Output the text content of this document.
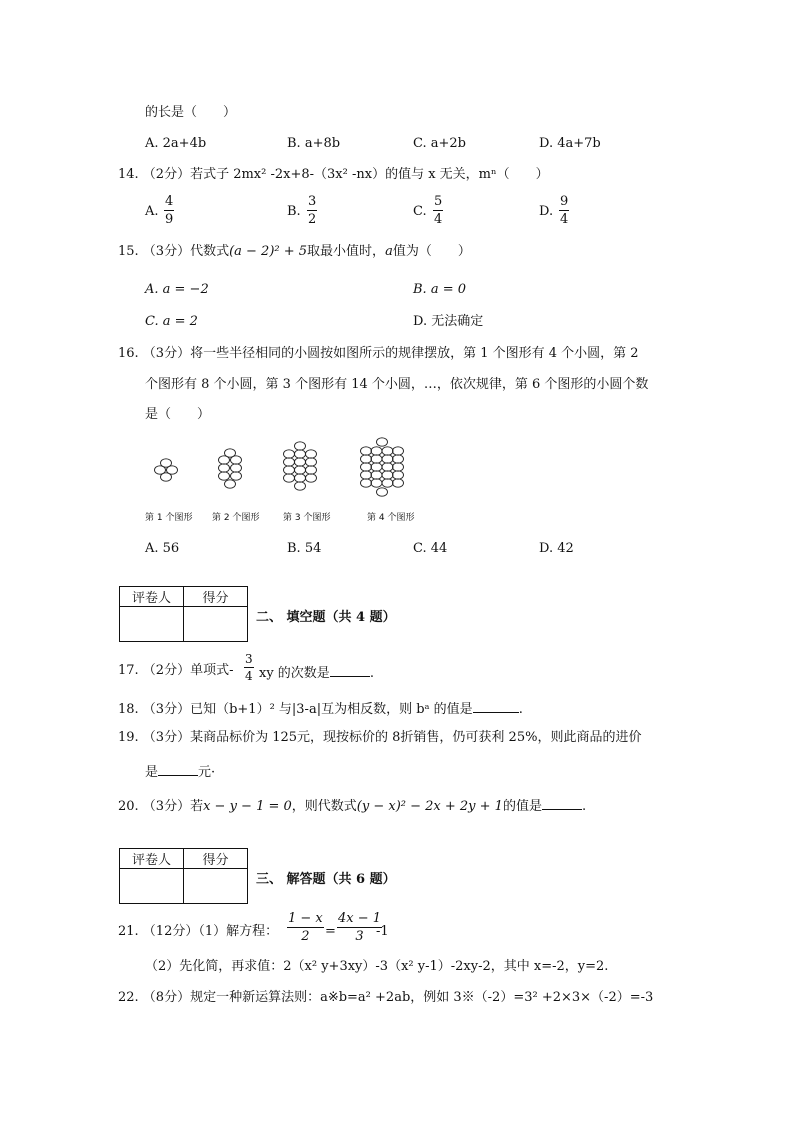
的长是（　　）
A. 2a+4b	B. a+8b	C. a+2b	D. 4a+7b
14. （2分）若式子 2mx² -2x+8-（3x² -nx）的值与 x 无关，mⁿ（　　）
A. $\frac{4}{9}$	B. $\frac{3}{2}$	C. $\frac{5}{4}$	D. $\frac{9}{4}$
15. （3分）代数式(a − 2)² + 5取最小值时，a值为（　　）
A. a = −2	B. a = 0
C. a = 2	D. 无法确定
16. （3分）将一些半径相同的小圆按如图所示的规律摆放，第 1 个图形有 4 个小圆，第 2
个图形有 8 个小圆，第 3 个图形有 14 个小圆，…，依次规律，第 6 个图形的小圆个数
是（　　）
第 1 个图形 第 2 个图形	第 3 个图形	第 4 个图形
A. 56	B. 54	C. 44	D. 42
评卷人	得分

二、 填空题（共 4 题）
17. （2分）单项式- $\frac{3}{4}$ xy 的次数是	.
18. （3分）已知（b+1）² 与|3-a|互为相反数，则 bᵃ 的值是	.
19. （3分）某商品标价为 125元，现按标价的 8折销售，仍可获利 25%，则此商品的进价
是	元·
20. （3分）若x − y − 1 = 0，则代数式(y − x)² − 2x + 2y + 1的值是	.
评卷人	得分

三、 解答题（共 6 题）
21. （12分）（1）解方程： $\frac{1 - x}{2} = \frac{4x - 1}{3}$
-1
（2）先化简，再求值：2（x² y+3xy）-3（x² y-1）-2xy-2，其中 x=-2，y=2.
22. （8分）规定一种新运算法则：a※b=a² +2ab，例如 3※（-2）=3² +2×3×（-2）=-3
